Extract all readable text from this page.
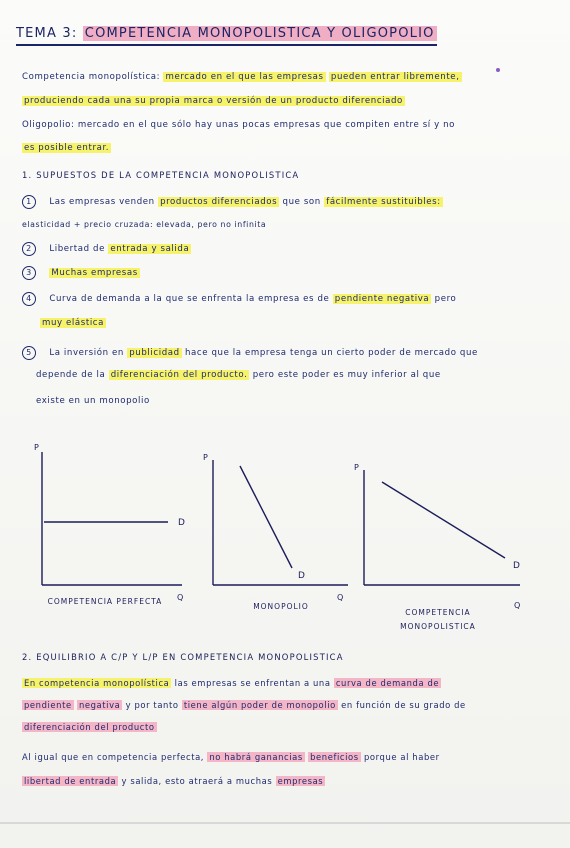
TEMA 3: COMPETENCIA MONOPOLISTICA Y OLIGOPOLIO
Competencia monopolística: mercado en el que las empresas pueden entrar libremente,
produciendo cada una su propia marca o versión de un producto diferenciado
Oligopolio: mercado en el que sólo hay unas pocas empresas que compiten entre sí y no
es posible entrar.
1. SUPUESTOS DE LA COMPETENCIA MONOPOLISTICA
1 Las empresas venden productos diferenciados que son fácilmente sustituibles:
elasticidad + precio cruzada: elevada, pero no infinita
2 Libertad de entrada y salida
3 Muchas empresas
4 Curva de demanda a la que se enfrenta la empresa es de pendiente negativa pero
muy elástica
5 La inversión en publicidad hace que la empresa tenga un cierto poder de mercado que
depende de la diferenciación del producto. pero este poder es muy inferior al que
existe en un monopolio
P
Q
D
P
Q
D
P
Q
D
COMPETENCIA PERFECTA
MONOPOLIO
COMPETENCIA MONOPOLISTICA
2. EQUILIBRIO A C/P Y L/P EN COMPETENCIA MONOPOLISTICA
En competencia monopolística las empresas se enfrentan a una curva de demanda de
pendiente negativa y por tanto tiene algún poder de monopolio en función de su grado de
diferenciación del producto
Al igual que en competencia perfecta, no habrá ganancias beneficios porque al haber
libertad de entrada y salida, esto atraerá a muchas empresas
